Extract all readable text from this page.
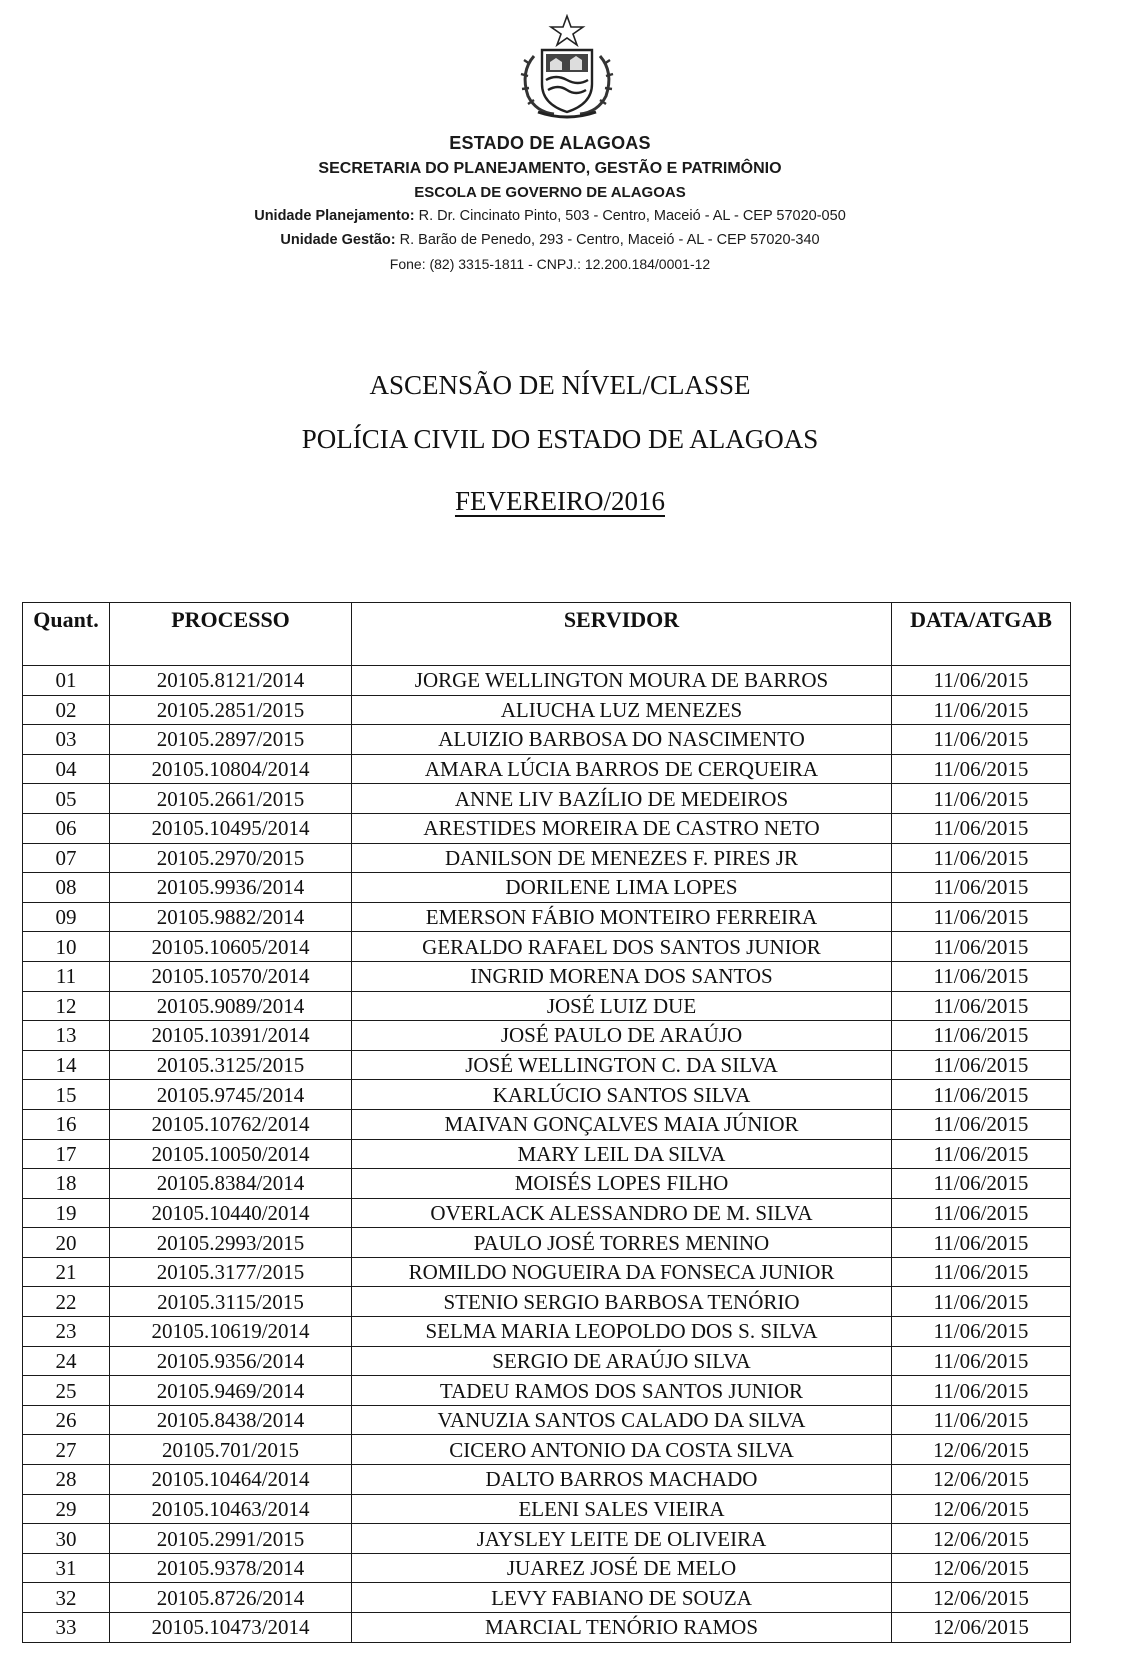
ESTADO DE ALAGOAS
SECRETARIA DO PLANEJAMENTO, GESTÃO E PATRIMÔNIO
ESCOLA DE GOVERNO DE ALAGOAS
Unidade Planejamento: R. Dr. Cincinato Pinto, 503 - Centro, Maceió - AL - CEP 57020-050
Unidade Gestão: R. Barão de Penedo, 293 - Centro, Maceió - AL - CEP 57020-340
Fone: (82) 3315-1811 - CNPJ.: 12.200.184/0001-12
ASCENSÃO DE NÍVEL/CLASSE
POLÍCIA CIVIL DO ESTADO DE ALAGOAS
FEVEREIRO/2016
Quant.	PROCESSO	SERVIDOR	DATA/ATGAB
01	20105.8121/2014	JORGE WELLINGTON MOURA DE BARROS	11/06/2015
02	20105.2851/2015	ALIUCHA LUZ MENEZES	11/06/2015
03	20105.2897/2015	ALUIZIO BARBOSA DO NASCIMENTO	11/06/2015
04	20105.10804/2014	AMARA LÚCIA BARROS DE CERQUEIRA	11/06/2015
05	20105.2661/2015	ANNE LIV BAZÍLIO DE MEDEIROS	11/06/2015
06	20105.10495/2014	ARESTIDES MOREIRA DE CASTRO NETO	11/06/2015
07	20105.2970/2015	DANILSON DE MENEZES F. PIRES JR	11/06/2015
08	20105.9936/2014	DORILENE LIMA LOPES	11/06/2015
09	20105.9882/2014	EMERSON FÁBIO MONTEIRO FERREIRA	11/06/2015
10	20105.10605/2014	GERALDO RAFAEL DOS SANTOS JUNIOR	11/06/2015
11	20105.10570/2014	INGRID MORENA DOS SANTOS	11/06/2015
12	20105.9089/2014	JOSÉ LUIZ DUE	11/06/2015
13	20105.10391/2014	JOSÉ PAULO DE ARAÚJO	11/06/2015
14	20105.3125/2015	JOSÉ WELLINGTON C. DA SILVA	11/06/2015
15	20105.9745/2014	KARLÚCIO SANTOS SILVA	11/06/2015
16	20105.10762/2014	MAIVAN GONÇALVES MAIA JÚNIOR	11/06/2015
17	20105.10050/2014	MARY LEIL DA SILVA	11/06/2015
18	20105.8384/2014	MOISÉS LOPES FILHO	11/06/2015
19	20105.10440/2014	OVERLACK ALESSANDRO DE M. SILVA	11/06/2015
20	20105.2993/2015	PAULO JOSÉ TORRES MENINO	11/06/2015
21	20105.3177/2015	ROMILDO NOGUEIRA DA FONSECA JUNIOR	11/06/2015
22	20105.3115/2015	STENIO SERGIO BARBOSA TENÓRIO	11/06/2015
23	20105.10619/2014	SELMA MARIA LEOPOLDO DOS S. SILVA	11/06/2015
24	20105.9356/2014	SERGIO DE ARAÚJO SILVA	11/06/2015
25	20105.9469/2014	TADEU RAMOS DOS SANTOS JUNIOR	11/06/2015
26	20105.8438/2014	VANUZIA SANTOS CALADO DA SILVA	11/06/2015
27	20105.701/2015	CICERO ANTONIO DA COSTA SILVA	12/06/2015
28	20105.10464/2014	DALTO BARROS MACHADO	12/06/2015
29	20105.10463/2014	ELENI SALES VIEIRA	12/06/2015
30	20105.2991/2015	JAYSLEY LEITE DE OLIVEIRA	12/06/2015
31	20105.9378/2014	JUAREZ JOSÉ DE MELO	12/06/2015
32	20105.8726/2014	LEVY FABIANO DE SOUZA	12/06/2015
33	20105.10473/2014	MARCIAL TENÓRIO RAMOS	12/06/2015
